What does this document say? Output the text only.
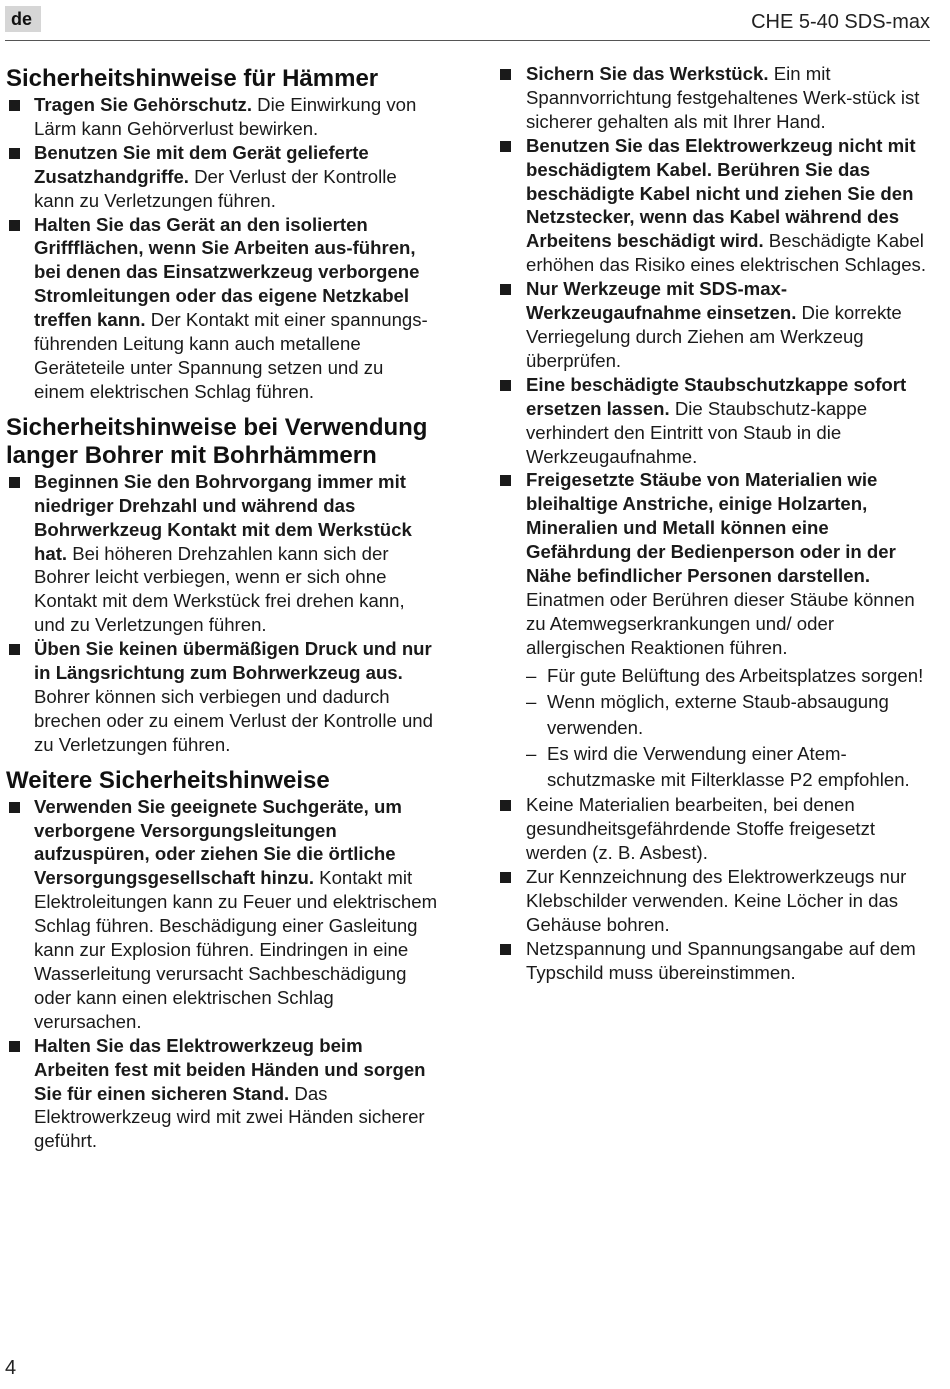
de	CHE 5-40 SDS-max
Sicherheitshinweise für Hämmer
Tragen Sie Gehörschutz. Die Einwirkung von Lärm kann Gehörverlust bewirken.
Benutzen Sie mit dem Gerät gelieferte Zusatzhandgriffe. Der Verlust der Kontrolle kann zu Verletzungen führen.
Halten Sie das Gerät an den isolierten Griffflächen, wenn Sie Arbeiten aus-führen, bei denen das Einsatzwerkzeug verborgene Stromleitungen oder das eigene Netzkabel treffen kann. Der Kontakt mit einer spannungs-führenden Leitung kann auch metallene Geräteteile unter Spannung setzen und zu einem elektrischen Schlag führen.
Sicherheitshinweise bei Verwendung langer Bohrer mit Bohrhämmern
Beginnen Sie den Bohrvorgang immer mit niedriger Drehzahl und während das Bohrwerkzeug Kontakt mit dem Werkstück hat. Bei höheren Drehzahlen kann sich der Bohrer leicht verbiegen, wenn er sich ohne Kontakt mit dem Werkstück frei drehen kann, und zu Verletzungen führen.
Üben Sie keinen übermäßigen Druck und nur in Längsrichtung zum Bohrwerkzeug aus. Bohrer können sich verbiegen und dadurch brechen oder zu einem Verlust der Kontrolle und zu Verletzungen führen.
Weitere Sicherheitshinweise
Verwenden Sie geeignete Suchgeräte, um verborgene Versorgungsleitungen aufzuspüren, oder ziehen Sie die örtliche Versorgungsgesellschaft hinzu. Kontakt mit Elektroleitungen kann zu Feuer und elektrischem Schlag führen. Beschädigung einer Gasleitung kann zur Explosion führen. Eindringen in eine Wasserleitung verursacht Sachbeschädigung oder kann einen elektrischen Schlag verursachen.
Halten Sie das Elektrowerkzeug beim Arbeiten fest mit beiden Händen und sorgen Sie für einen sicheren Stand. Das Elektrowerkzeug wird mit zwei Händen sicherer geführt.
Sichern Sie das Werkstück. Ein mit Spannvorrichtung festgehaltenes Werk-stück ist sicherer gehalten als mit Ihrer Hand.
Benutzen Sie das Elektrowerkzeug nicht mit beschädigtem Kabel. Berühren Sie das beschädigte Kabel nicht und ziehen Sie den Netzstecker, wenn das Kabel während des Arbeitens beschädigt wird. Beschädigte Kabel erhöhen das Risiko eines elektrischen Schlages.
Nur Werkzeuge mit SDS-max-Werkzeugaufnahme einsetzen. Die korrekte Verriegelung durch Ziehen am Werkzeug überprüfen.
Eine beschädigte Staubschutzkappe sofort ersetzen lassen. Die Staubschutz-kappe verhindert den Eintritt von Staub in die Werkzeugaufnahme.
Freigesetzte Stäube von Materialien wie bleihaltige Anstriche, einige Holzarten, Mineralien und Metall können eine Gefährdung der Bedienperson oder in der Nähe befindlicher Personen darstellen. Einatmen oder Berühren dieser Stäube können zu Atemwegserkrankungen und/ oder allergischen Reaktionen führen.
– Für gute Belüftung des Arbeitsplatzes sorgen!
– Wenn möglich, externe Staub-absaugung verwenden.
– Es wird die Verwendung einer Atem-schutzmaske mit Filterklasse P2 empfohlen.
Keine Materialien bearbeiten, bei denen gesundheitsgefährdende Stoffe freigesetzt werden (z. B. Asbest).
Zur Kennzeichnung des Elektrowerkzeugs nur Klebschilder verwenden. Keine Löcher in das Gehäuse bohren.
Netzspannung und Spannungsangabe auf dem Typschild muss übereinstimmen.
4
